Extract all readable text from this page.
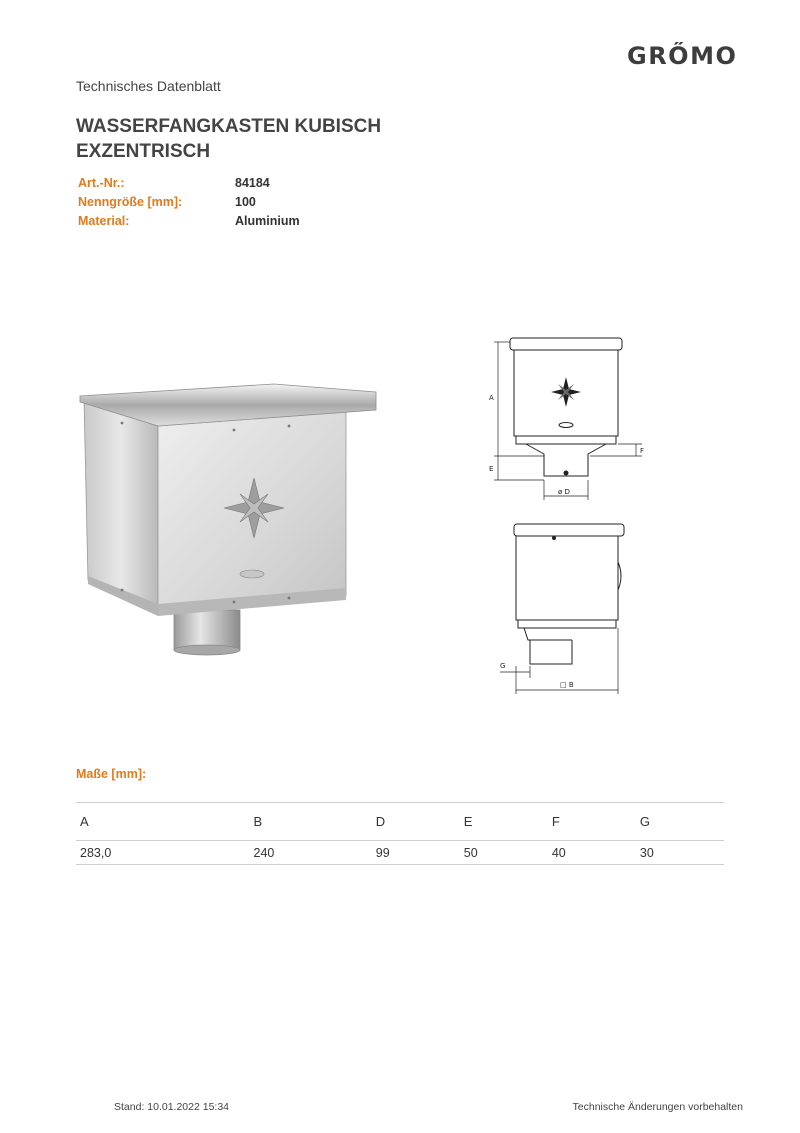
GRŐMO
Technisches Datenblatt
WASSERFANGKASTEN KUBISCH
EXZENTRISCH
Art.-Nr.:	84184
Nenngröße [mm]:	100
Material:	Aluminium
A
E
F
ø D
G
□ B
Maße [mm]:
A	B	D	E	F	G
283,0	240	99	50	40	30
Stand: 10.01.2022 15:34	Technische Änderungen vorbehalten
